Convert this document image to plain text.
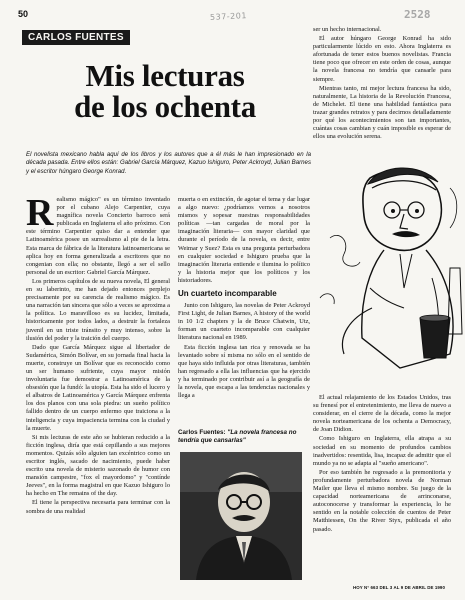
50	537-201	2528
CARLOS FUENTES
Mis lecturas
de los ochenta
El novelista mexicano habla aquí de los libros y los autores que a él más le han impresionado en la década pasada. Entre ellos están: Gabriel García Márquez, Kazuo Ishiguro, Peter Ackroyd, Julian Barnes y el escritor húngaro George Konrad.

Realismo mágico" es un término inventado por el cubano Alejo Carpentier, cuya magnífica novela Concierto barroco será publicada en Inglaterra el año próximo. Con este término Carpentier quiso dar a entender que Latinoamérica posee un surrealismo al pie de la letra. Esta marca de fábrica de la literatura latinoamericana se aplica hoy en forma generalizada a escritores que no congenian con ella; no obstante, llegó a ser el sello personal de un escritor: Gabriel García Márquez.

Los primeros capítulos de su nueva novela, El general en su laberinto, me han dejado entonces perplejo precisamente por su carencia de realismo mágico. Es una narración tan sincera que sólo a veces se aproxima a la política. Lo maravilloso es su lucidez, limitada, historicamente por todos lados, a destruir la fortaleza juvenil en un triste tránsito y muy intenso, sobre la ilusión del poder y la traición del cuerpo.

Dado que García Márquez sigue al libertador de Sudamérica, Simón Bolívar, en su jornada final hacia la muerte, construye un Bolívar que es reconocido como un ser humano sufriente, cuya mayor misión involuntaria fue demostrar a Latinoamérica de la obsesión que la fundó: la utopía. Esta ha sido el lucero y el albatros de Latinoamérica y García Márquez enfrenta los dos planos con una sola piedra: un sueño político fallido dentro de un cuerpo enfermo que traiciona a la inteligencia y cuya impaciencia termina con la ciudad y la muerte.

Si mis lecturas de este año se hubieran reducido a la ficción inglesa, diría que está cepillando a sus mejores momentos. Quizás sólo alguien tan excéntrico como un escritor inglés, sacado de nacimiento, puede haber escrito una novela de misterio sazonado de humor con mansión campestre, "fox el mayordomo" y "contínde Jeeves", en la forma magistral en que Kazuo Ishiguro lo ha hecho en The remains of the day.

El tiene la perspectiva necesaria para terminar con la sombra de una realidad

muerta o en extinción, de agotar el tema y dar lugar a algo nuevo: ¿podríamos vernos a nosotros mismos y sopesar nuestras responsabilidades políticas —tan cargadas de moral por la imaginación literaria— con mayor claridad que durante el período de la novela, es decir, entre Weimar y Suez? Esta es una pregunta perturbadora en cualquier sociedad e Ishiguro prueba que la imaginación literaria entiende e ilumina lo político y la historia mejor que los políticos y los historiadores.

Un cuarteto incomparable

Junto con Ishiguro, las novelas de Peter Ackroyd First Light, de Julian Barnes, A history of the world in 10 1/2 chapters y la de Bruce Chatwin, Utz, forman un cuarteto incomparable con cualquier literatura nacional en 1989.

Esta ficción inglesa tan rica y renovada se ha levantado sobre sí misma no sólo en el sentido de que haya sido influida por otras literaturas, también han regresado a ella las influencias que ha ejercido y ha terminado por contribuir así a la geografía de la novela, que escapa a las tendencias nacionales y llega a

ser un hecho internacional.

El autor húngaro George Konrad ha sido particularmente lúcido en esto. Ahora Inglaterra es afortunada de tener estos buenos novelistas. Francia tiene poco que ofrecer en este orden de cosas, aunque la novela francesa no tendría que cansarle para siempre.

Mientras tanto, mi mejor lectura francesa ha sido, naturalmente, La historia de la Revolución Francesa, de Michelet. El tiene una habilidad fantástica para trazar grandes retratos y para decirnos detalladamente por qué los acontecimientos son tan importantes, cuántas cosas cambian y cuán imposible es esperar de ellos una evolución serena.

Carlos Fuentes: "La novela francesa no tendría que cansarlas"

El actual relajamiento de los Estados Unidos, tras su frenesí por el entretenimiento, me lleva de nuevo a considerar, en el cierre de la década, como la mejor novela norteamericana de los ochenta a Democracy, de Joan Didion.

Como Ishiguro en Inglaterra, ella atrapa a su sociedad en su momento de profundos cambios inadvertidos: resentida, lisa, incapaz de admitir que el mundo ya no se adapta al "sueño americano".

Por eso también he regresado a la premonitoria y profundamente perturbadora novela de Norman Mailer que lleva el mismo nombre. Su juego de la capacidad norteamericana de arrinconarse, autoconocerse y transformar la experiencia, lo he sentido en la notable colección de cuentos de Peter Matthiessen, On the River Styx, publicada el año pasado.

HOY N° 663 DEL 3 AL 9 DE ABRIL DE 1990
